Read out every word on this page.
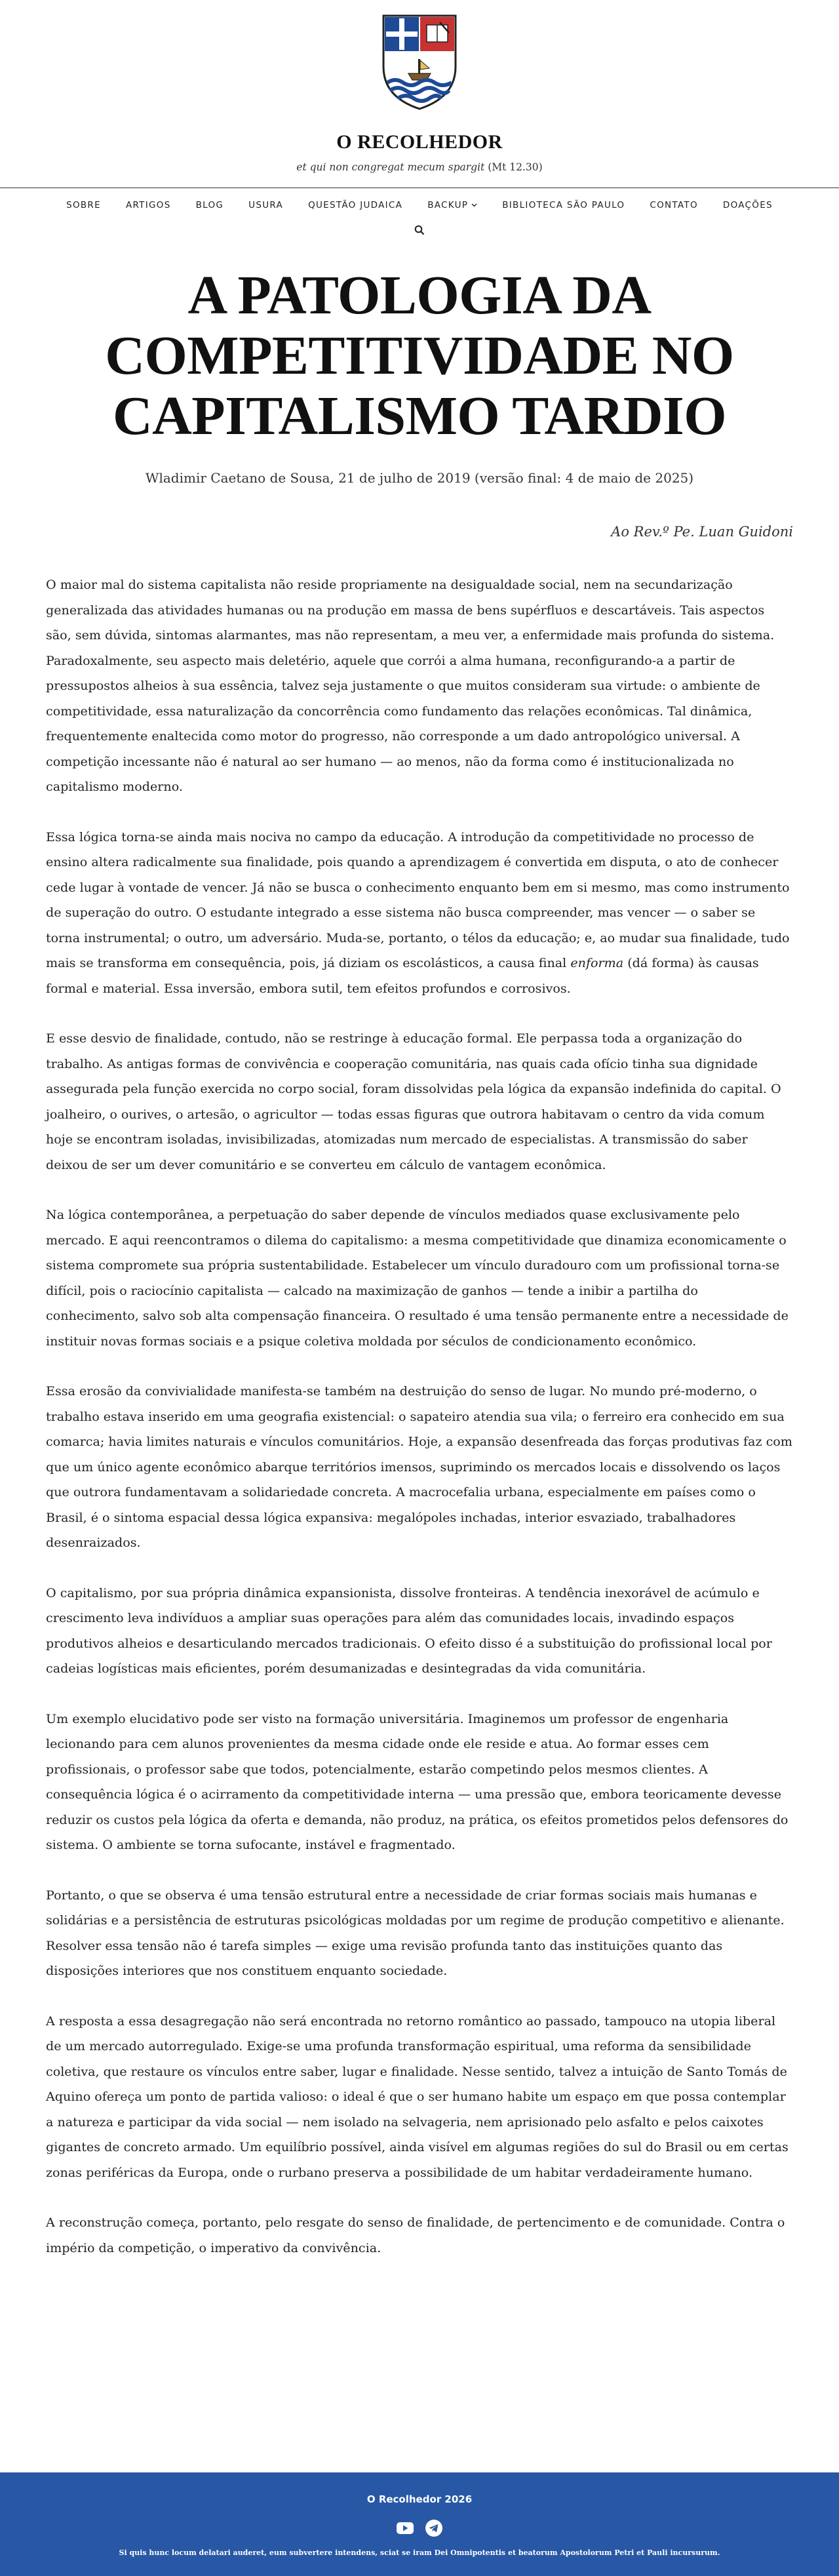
O RECOLHEDOR
et qui non congregat mecum spargit (Mt 12.30)
SOBRE	ARTIGOS	BLOG	USURA	QUESTÃO JUDAICA	BACKUP	BIBLIOTECA SÃO PAULO	CONTATO	DOAÇÕES
A PATOLOGIA DA
COMPETITIVIDADE NO
CAPITALISMO TARDIO
Wladimir Caetano de Sousa, 21 de julho de 2019 (versão final: 4 de maio de 2025)
Ao Rev.º Pe. Luan Guidoni

O maior mal do sistema capitalista não reside propriamente na desigualdade social, nem na secundarização generalizada das atividades humanas ou na produção em massa de bens supérfluos e descartáveis. Tais aspectos são, sem dúvida, sintomas alarmantes, mas não representam, a meu ver, a enfermidade mais profunda do sistema. Paradoxalmente, seu aspecto mais deletério, aquele que corrói a alma humana, reconfigurando-a a partir de pressupostos alheios à sua essência, talvez seja justamente o que muitos consideram sua virtude: o ambiente de competitividade, essa naturalização da concorrência como fundamento das relações econômicas. Tal dinâmica, frequentemente enaltecida como motor do progresso, não corresponde a um dado antropológico universal. A competição incessante não é natural ao ser humano — ao menos, não da forma como é institucionalizada no capitalismo moderno.

Essa lógica torna-se ainda mais nociva no campo da educação. A introdução da competitividade no processo de ensino altera radicalmente sua finalidade, pois quando a aprendizagem é convertida em disputa, o ato de conhecer cede lugar à vontade de vencer. Já não se busca o conhecimento enquanto bem em si mesmo, mas como instrumento de superação do outro. O estudante integrado a esse sistema não busca compreender, mas vencer — o saber se torna instrumental; o outro, um adversário. Muda-se, portanto, o télos da educação; e, ao mudar sua finalidade, tudo mais se transforma em consequência, pois, já diziam os escolásticos, a causa final enforma (dá forma) às causas formal e material. Essa inversão, embora sutil, tem efeitos profundos e corrosivos.

E esse desvio de finalidade, contudo, não se restringe à educação formal. Ele perpassa toda a organização do trabalho. As antigas formas de convivência e cooperação comunitária, nas quais cada ofício tinha sua dignidade assegurada pela função exercida no corpo social, foram dissolvidas pela lógica da expansão indefinida do capital. O joalheiro, o ourives, o artesão, o agricultor — todas essas figuras que outrora habitavam o centro da vida comum hoje se encontram isoladas, invisibilizadas, atomizadas num mercado de especialistas. A transmissão do saber deixou de ser um dever comunitário e se converteu em cálculo de vantagem econômica.

Na lógica contemporânea, a perpetuação do saber depende de vínculos mediados quase exclusivamente pelo mercado. E aqui reencontramos o dilema do capitalismo: a mesma competitividade que dinamiza economicamente o sistema compromete sua própria sustentabilidade. Estabelecer um vínculo duradouro com um profissional torna-se difícil, pois o raciocínio capitalista — calcado na maximização de ganhos — tende a inibir a partilha do conhecimento, salvo sob alta compensação financeira. O resultado é uma tensão permanente entre a necessidade de instituir novas formas sociais e a psique coletiva moldada por séculos de condicionamento econômico.

Essa erosão da convivialidade manifesta-se também na destruição do senso de lugar. No mundo pré-moderno, o trabalho estava inserido em uma geografia existencial: o sapateiro atendia sua vila; o ferreiro era conhecido em sua comarca; havia limites naturais e vínculos comunitários. Hoje, a expansão desenfreada das forças produtivas faz com que um único agente econômico abarque territórios imensos, suprimindo os mercados locais e dissolvendo os laços que outrora fundamentavam a solidariedade concreta. A macrocefalia urbana, especialmente em países como o Brasil, é o sintoma espacial dessa lógica expansiva: megalópoles inchadas, interior esvaziado, trabalhadores desenraizados.

O capitalismo, por sua própria dinâmica expansionista, dissolve fronteiras. A tendência inexorável de acúmulo e crescimento leva indivíduos a ampliar suas operações para além das comunidades locais, invadindo espaços produtivos alheios e desarticulando mercados tradicionais. O efeito disso é a substituição do profissional local por cadeias logísticas mais eficientes, porém desumanizadas e desintegradas da vida comunitária.

Um exemplo elucidativo pode ser visto na formação universitária. Imaginemos um professor de engenharia lecionando para cem alunos provenientes da mesma cidade onde ele reside e atua. Ao formar esses cem profissionais, o professor sabe que todos, potencialmente, estarão competindo pelos mesmos clientes. A consequência lógica é o acirramento da competitividade interna — uma pressão que, embora teoricamente devesse reduzir os custos pela lógica da oferta e demanda, não produz, na prática, os efeitos prometidos pelos defensores do sistema. O ambiente se torna sufocante, instável e fragmentado.

Portanto, o que se observa é uma tensão estrutural entre a necessidade de criar formas sociais mais humanas e solidárias e a persistência de estruturas psicológicas moldadas por um regime de produção competitivo e alienante. Resolver essa tensão não é tarefa simples — exige uma revisão profunda tanto das instituições quanto das disposições interiores que nos constituem enquanto sociedade.

A resposta a essa desagregação não será encontrada no retorno romântico ao passado, tampouco na utopia liberal de um mercado autorregulado. Exige-se uma profunda transformação espiritual, uma reforma da sensibilidade coletiva, que restaure os vínculos entre saber, lugar e finalidade. Nesse sentido, talvez a intuição de Santo Tomás de Aquino ofereça um ponto de partida valioso: o ideal é que o ser humano habite um espaço em que possa contemplar a natureza e participar da vida social — nem isolado na selvageria, nem aprisionado pelo asfalto e pelos caixotes gigantes de concreto armado. Um equilíbrio possível, ainda visível em algumas regiões do sul do Brasil ou em certas zonas periféricas da Europa, onde o rurbano preserva a possibilidade de um habitar verdadeiramente humano.

A reconstrução começa, portanto, pelo resgate do senso de finalidade, de pertencimento e de comunidade. Contra o império da competição, o imperativo da convivência.

O Recolhedor 2026
Si quis hunc locum delatari auderet, eum subvertere intendens, sciat se iram Dei Omnipotentis et beatorum Apostolorum Petri et Pauli incursurum.
